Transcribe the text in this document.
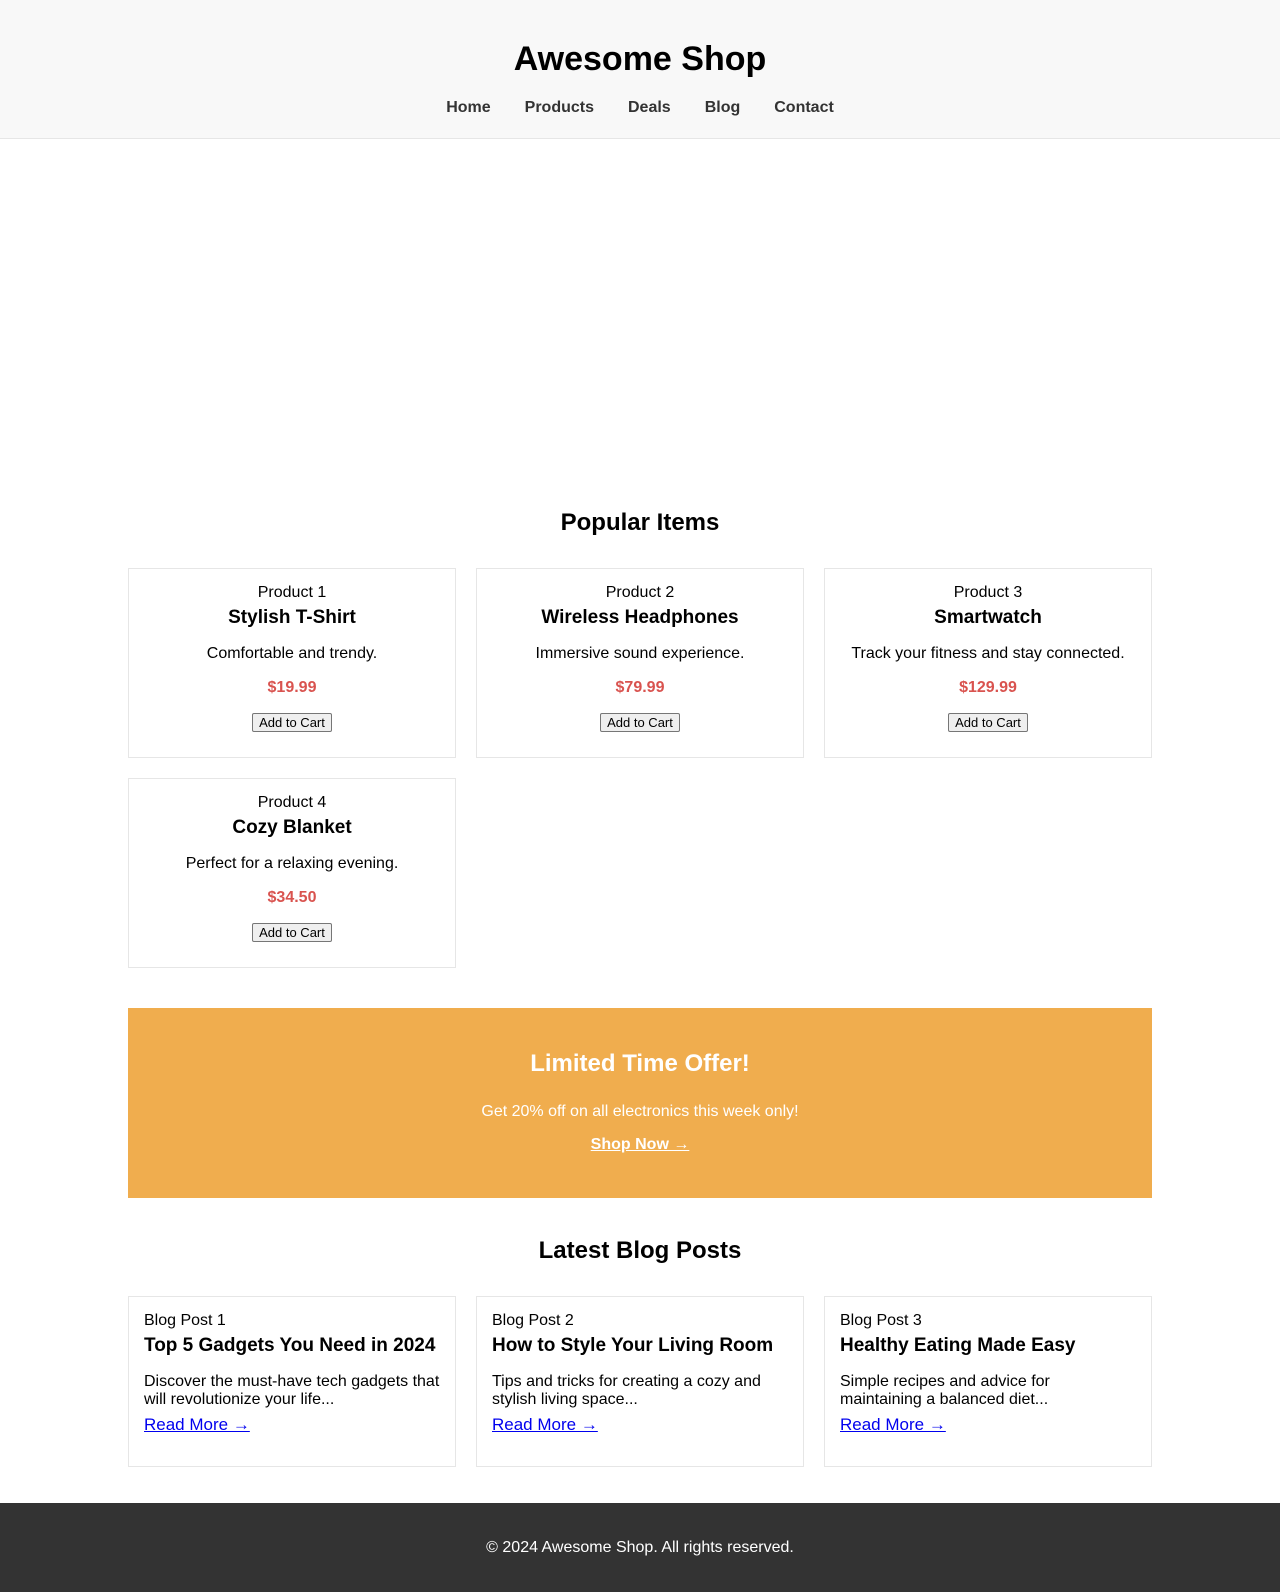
Awesome Shop
Home	Products	Deals	Blog	Contact
Popular Items
Product 1
Stylish T-Shirt

Comfortable and trendy.

$19.99

Add to Cart
Product 2
Wireless Headphones

Immersive sound experience.

$79.99

Add to Cart
Product 3
Smartwatch

Track your fitness and stay connected.

$129.99

Add to Cart
Product 4
Cozy Blanket

Perfect for a relaxing evening.

$34.50

Add to Cart
Limited Time Offer!

Get 20% off on all electronics this week only!

Shop Now →
Latest Blog Posts
Blog Post 1
Top 5 Gadgets You Need in 2024

Discover the must-have tech gadgets that will revolutionize your life...

Read More →
Blog Post 2
How to Style Your Living Room

Tips and tricks for creating a cozy and stylish living space...

Read More →
Blog Post 3
Healthy Eating Made Easy

Simple recipes and advice for maintaining a balanced diet...

Read More →
© 2024 Awesome Shop. All rights reserved.
